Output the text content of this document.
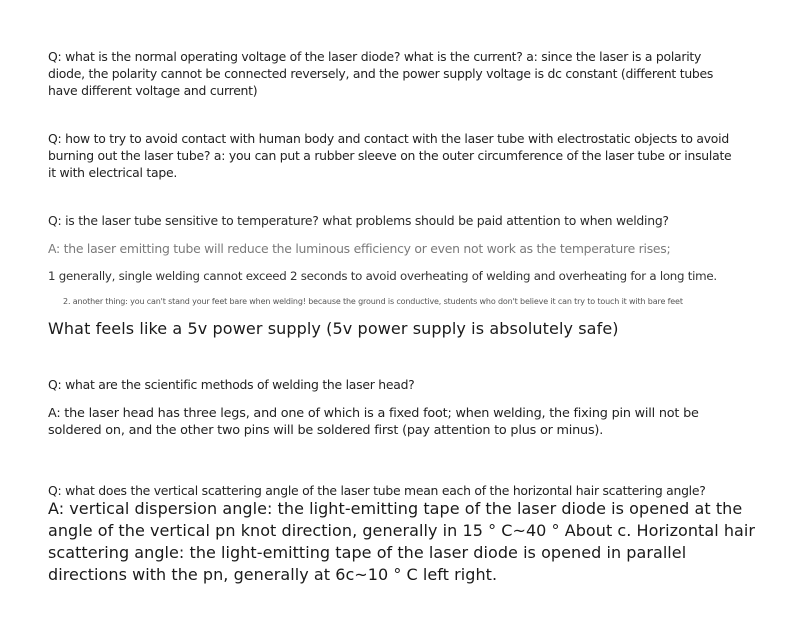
Q: what is the normal operating voltage of the laser diode? what is the current? a: since the laser is a polarity
diode, the polarity cannot be connected reversely, and the power supply voltage is dc constant (different tubes
have different voltage and current)
Q: how to try to avoid contact with human body and contact with the laser tube with electrostatic objects to avoid
burning out the laser tube? a: you can put a rubber sleeve on the outer circumference of the laser tube or insulate
it with electrical tape.
Q: is the laser tube sensitive to temperature? what problems should be paid attention to when welding?
A: the laser emitting tube will reduce the luminous efficiency or even not work as the temperature rises;
1 generally, single welding cannot exceed 2 seconds to avoid overheating of welding and overheating for a long time.
2. another thing: you can't stand your feet bare when welding! because the ground is conductive, students who don't believe it can try to touch it with bare feet
What feels like a 5v power supply (5v power supply is absolutely safe)
Q: what are the scientific methods of welding the laser head?
A: the laser head has three legs, and one of which is a fixed foot; when welding, the fixing pin will not be
soldered on, and the other two pins will be soldered first (pay attention to plus or minus).
Q: what does the vertical scattering angle of the laser tube mean each of the horizontal hair scattering angle?
A: vertical dispersion angle: the light-emitting tape of the laser diode is opened at the
angle of the vertical pn knot direction, generally in 15 ° C~40 ° About c. Horizontal hair
scattering angle: the light-emitting tape of the laser diode is opened in parallel
directions with the pn, generally at 6c~10 ° C left right.
